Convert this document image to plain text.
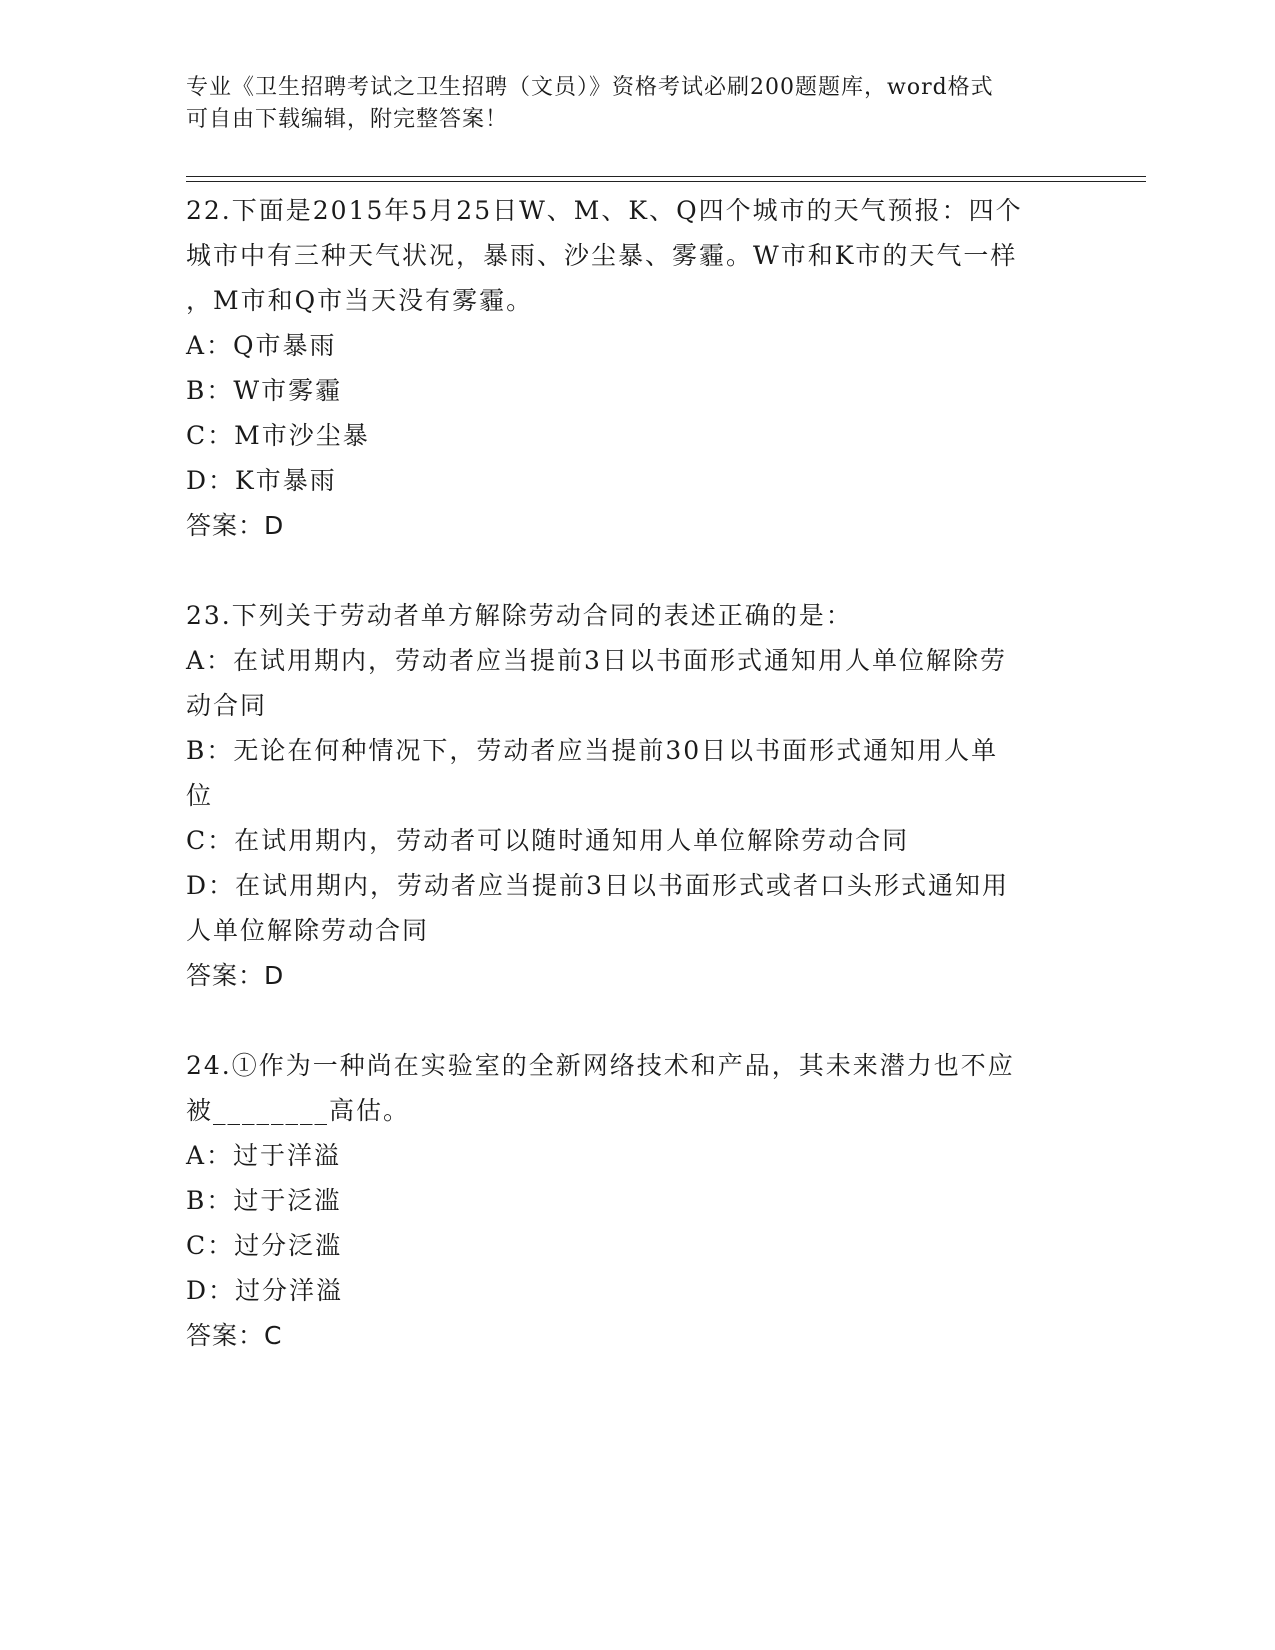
专业《卫生招聘考试之卫生招聘（文员）》资格考试必刷200题题库，word格式
可自由下载编辑，附完整答案！
22.下面是2015年5月25日W、M、K、Q四个城市的天气预报：四个
城市中有三种天气状况，暴雨、沙尘暴、雾霾。W市和K市的天气一样
，M市和Q市当天没有雾霾。
A：Q市暴雨
B：W市雾霾
C：M市沙尘暴
D：K市暴雨
答案：D
23.下列关于劳动者单方解除劳动合同的表述正确的是：
A：在试用期内，劳动者应当提前3日以书面形式通知用人单位解除劳
动合同
B：无论在何种情况下，劳动者应当提前30日以书面形式通知用人单
位
C：在试用期内，劳动者可以随时通知用人单位解除劳动合同
D：在试用期内，劳动者应当提前3日以书面形式或者口头形式通知用
人单位解除劳动合同
答案：D
24.①作为一种尚在实验室的全新网络技术和产品，其未来潜力也不应
被________高估。
A：过于洋溢
B：过于泛滥
C：过分泛滥
D：过分洋溢
答案：C
